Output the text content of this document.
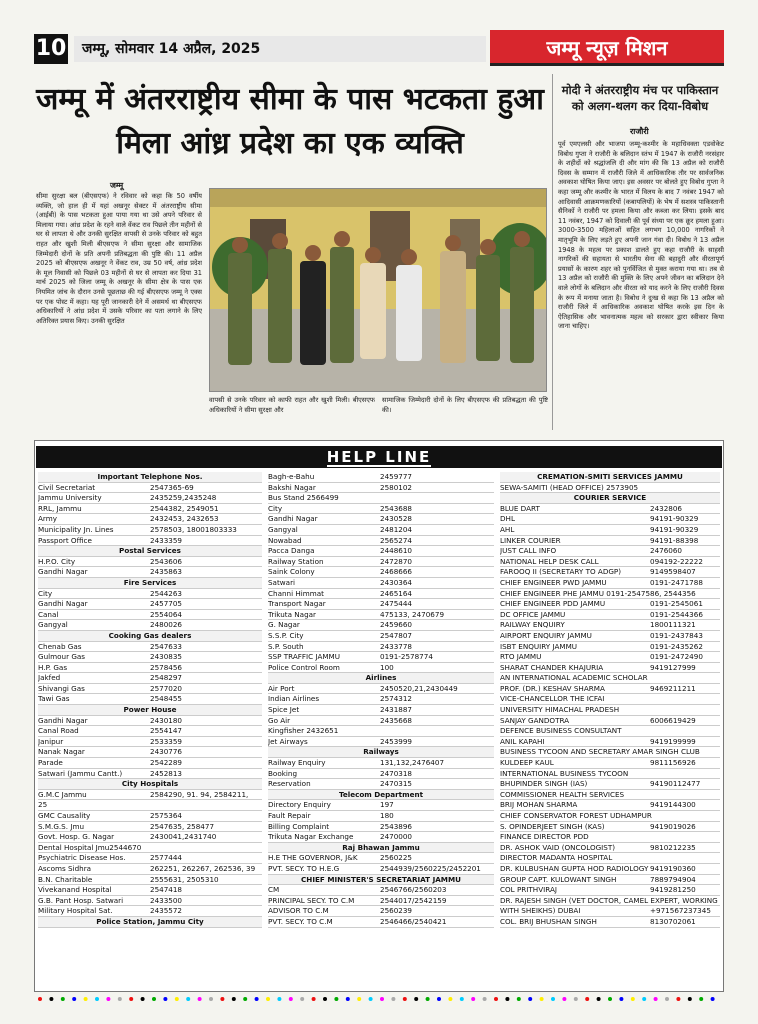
10	जम्मू, सोमवार 14 अप्रैल, 2025	जम्मू न्यूज़ मिशन
जम्मू में अंतरराष्ट्रीय सीमा के पास भटकता हुआ मिला आंध्र प्रदेश का एक व्यक्ति
जम्मू
सीमा सुरक्षा बल (बीएसएफ) ने रविवार को कहा कि 50 वर्षीय व्यक्ति, जो हाल ही में यहां अखनूर सेक्टर में अंतरराष्ट्रीय सीमा (आईबी) के पास भटकता हुआ पाया गया था उसे अपने परिवार से मिलाया गया। आंध्र प्रदेश के रहने वाले वेंकट राव पिछले तीन महीनों से घर से लापता थे और उनकी सुरक्षित वापसी से उनके परिवार को बहुत राहत और खुशी मिली बीएसएफ ने सीमा सुरक्षा और सामाजिक जिम्मेदारी दोनों के प्रति अपनी प्रतिबद्धता की पुष्टि की। 11 अप्रैल 2025 को बीएसएफ अखनूर ने वेंकट राव, उम्र 50 वर्ष, आंध्र प्रदेश के मूल निवासी को पिछले 03 महीनों से घर से लापता कर दिया 31 मार्च 2025 को जिला जम्मू के अखनूर के सीमा क्षेत्र के पास एक नियमित जांच के दौरान उनसे पूछताछ की गई बीएसएफ जम्मू ने एक्स पर एक पोस्ट में कहा। यह पूरी जानकारी देने में असमर्थ था बीएसएफ अधिकारियों ने आंध्र प्रदेश में उसके परिवार का पता लगाने के लिए अतिरिक्त प्रयास किए। उनकी सुरक्षित
वापसी से उनके परिवार को काफी राहत और खुशी मिली। बीएसएफ अधिकारियों ने सीमा सुरक्षा और
सामाजिक जिम्मेदारी दोनों के लिए बीएसएफ की प्रतिबद्धता की पुष्टि की।
मोदी ने अंतरराष्ट्रीय मंच पर पाकिस्तान को अलग-थलग कर दिया-विबोध
राजौरी
पूर्व एमएलसी और भाजपा जम्मू-कश्मीर के महाधिवक्ता एडवोकेट विबोध गुप्ता ने राजौरी के बलिदान स्तंभ में 1947 के राजौरी नरसंहार के शहीदों को श्रद्धांजलि दी और मांग की कि 13 अप्रैल को राजौरी दिवस के सम्मान में राजौरी जिले में आधिकारिक तौर पर सार्वजनिक अवकाश घोषित किया जाए। इस अवसर पर बोलते हुए विबोध गुप्ता ने कहा जम्मू और कश्मीर के भारत में विलय के बाद 7 नवंबर 1947 को आदिवासी आक्रमणकारियों (कबायलियों) के भेष में सशस्त्र पाकिस्तानी सैनिकों ने राजौरी पर हमला किया और कब्जा कर लिया। इसके बाद 11 नवंबर, 1947 को दिवाली की पूर्व संध्या पर एक क्रूर हमला हुआ। 3000-3500 महिलाओं सहित लगभग 10,000 नागरिकों ने मातृभूमि के लिए लड़ते हुए अपनी जान गंवा दी। विबोध ने 13 अप्रैल 1948 के महत्व पर प्रकाश डालते हुए कहा राजौरी के साहसी नागरिकों की सहायता से भारतीय सेना की बहादुरी और वीरतापूर्ण प्रयासों के कारण शहर को पुनर्विजित से मुक्त कराया गया था। तब से 13 अप्रैल को राजौरी की मुक्ति के लिए अपने जीवन का बलिदान देने वाले लोगों के बलिदान और वीरता को याद करने के लिए राजौरी दिवस के रूप में मनाया जाता है। विबोध ने दुःख से कहा कि 13 अप्रैल को राजौरी जिले में आधिकारिक अवकाश घोषित करके इस दिन के ऐतिहासिक और भावनात्मक महत्व को सरकार द्वारा स्वीकार किया जाना चाहिए।
HELP LINE
Important Telephone Nos.
Civil Secretariat	2547365-69
Jammu University	2435259,2435248
RRL, Jammu	2544382, 2549051
Army	2432453, 2432653
Municipality Jn. Lines	2578503, 18001803333
Passport Office	2433359
Postal Services
H.P.O. City	2543606
Gandhi Nagar	2435863
Fire Services
City	2544263
Gandhi Nagar	2457705
Canal	2554064
Gangyal	2480026
Cooking Gas dealers
Chenab Gas	2547633
Gulmour Gas	2430835
H.P. Gas	2578456
Jakfed	2548297
Shivangi Gas	2577020
Tawi Gas	2548455
Power House
Gandhi Nagar	2430180
Canal Road	2554147
Janipur	2533359
Nanak Nagar	2430776
Parade	2542289
Satwari (Jammu Cantt.)	2452813
City Hospitals
G.M.C Jammu	2584290, 91. 94, 2584211,
25
GMC Causality	2575364
S.M.G.S. Jmu	2547635, 258477
Govt. Hosp. G. Nagar	2430041,2431740
Dental Hospital Jmu2544670
Psychiatric Disease Hos.	2577444
Ascoms Sidhra	262251, 262267, 262536, 39
B.N. Charitable	2555631, 2505310
Vivekanand Hospital	2547418
G.B. Pant Hosp. Satwari	2433500
Military Hospital Sat.	2435572
Police Station, Jammu City
Bagh-e-Bahu	2459777
Bakshi Nagar	2580102
Bus Stand 2566499
City	2543688
Gandhi Nagar	2430528
Gangyal	2481204
Nowabad	2565274
Pacca Danga	2448610
Railway Station	2472870
Saink Colony	2468666
Satwari	2430364
Channi Himmat	2465164
Transport Nagar	2475444
Trikuta Nagar	475133, 2470679
G. Nagar	2459660
S.S.P. City	2547807
S.P. South	2433778
SSP TRAFFIC JAMMU	0191-2578774
Police Control Room	100
Airlines
Air Port	2450520,21,2430449
Indian Airlines	2574312
Spice Jet	2431887
Go Air	2435668
Kingfisher 2432651
Jet Airways	2453999
Railways
Railway Enquiry	131,132,2476407
Booking	2470318
Reservation	2470315
Telecom Department
Directory Enquiry	197
Fault Repair	180
Billing Complaint	2543896
Trikuta Nagar Exchange	2470000
Raj Bhawan Jammu
H.E THE GOVERNOR, J&K	2560225
PVT. SECY. TO H.E.G	2544939/2560225/2452201
CHIEF MINISTER'S SECRETARIAT JAMMU
CM	2546766/2560203
PRINCIPAL SECY. TO C.M	2544017/2542159
ADVISOR TO C.M	2560239
PVT. SECY. TO C.M	2546466/2540421
CREMATION-SMITI SERVICES JAMMU
SEWA-SAMITI (HEAD OFFICE) 2573905
COURIER SERVICE
BLUE DART	2432806
DHL	94191-90329
AHL	94191-90329
LINKER COURIER	94191-88398
JUST CALL INFO	2476060
NATIONAL HELP DESK CALL	094192-22222
FAROOQ II (SECRETARY TO ADGP)	9149598407
CHIEF ENGINEER PWD JAMMU	0191-2471788
CHIEF ENGINEER PHE JAMMU 0191-2547586, 2544356
CHIEF ENGINEER PDD JAMMU	0191-2545061
DC OFFICE JAMMU	0191-2544366
RAILWAY ENQUIRY	1800111321
AIRPORT ENQUIRY JAMMU	0191-2437843
ISBT ENQUIRY JAMMU	0191-2435262
RTO JAMMU	0191-2472490
SHARAT CHANDER KHAJURIA	9419127999
AN INTERNATIONAL ACADEMIC SCHOLAR
PROF. (DR.) KESHAV SHARMA	9469211211
VICE-CHANCELLOR THE ICFAI
UNIVERSITY HIMACHAL PRADESH
SANJAY GANDOTRA	6006619429
DEFENCE BUSINESS CONSULTANT
ANIL KAPAHI	9419199999
BUSINESS TYCOON AND SECRETARY AMAR SINGH CLUB
KULDEEP KAUL	9811156926
INTERNATIONAL BUSINESS TYCOON
BHUPINDER SINGH (IAS)	9419011247​7
COMMISSIONER HEALTH SERVICES
BRIJ MOHAN SHARMA	9419144300
CHIEF CONSERVATOR FOREST UDHAMPUR
S. OPINDERJEET SINGH (KAS)	9419019026
FINANCE DIRECTOR PDD
DR. ASHOK VAID (ONCOLOGIST)	9810212235
DIRECTOR MADANTA HOSPITAL
DR. KULBUSHAN GUPTA HOD RADIOLOGY 9419190360
GROUP CAPT. KULOWANT SINGH	7889794904
COL PRITHVIRAJ	9419281250
DR. RAJESH SINGH (VET DOCTOR, CAMEL EXPERT, WORKING
WITH SHEIKHS) DUBAI	+971567237345
COL. BRIJ BHUSHAN SINGH	8130702061
